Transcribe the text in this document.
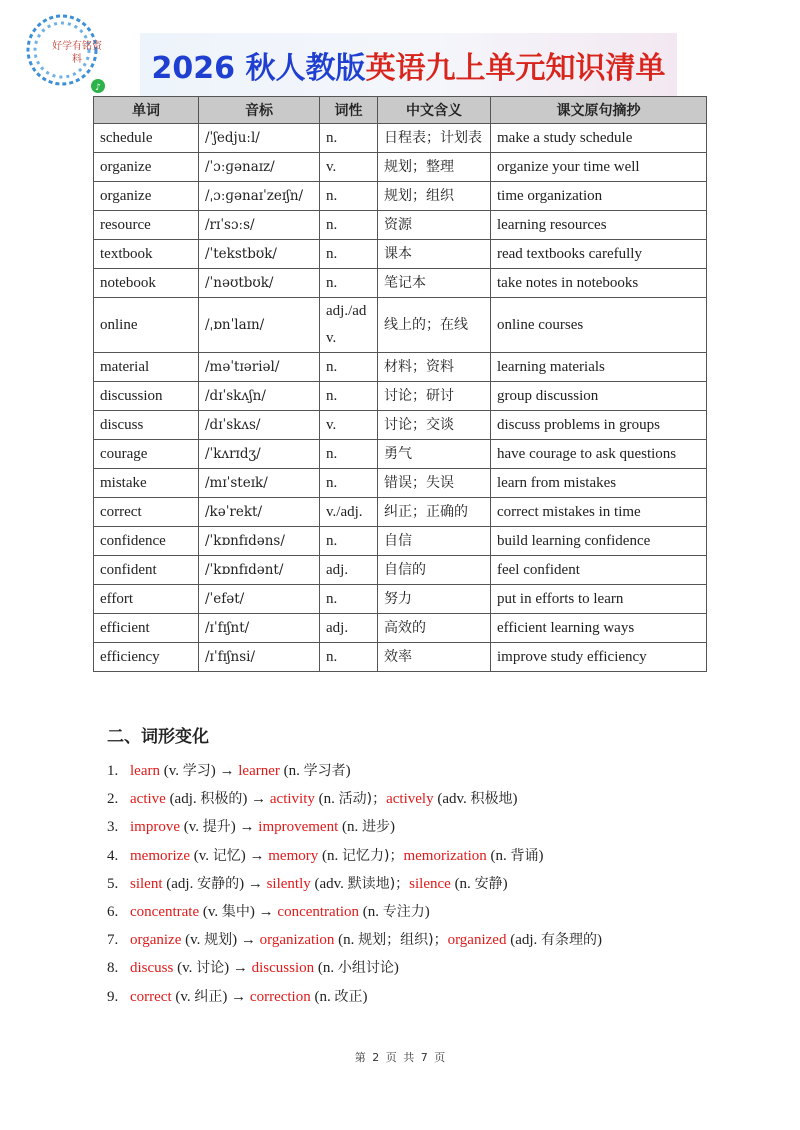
♪
好学有铭资料	2026 秋人教版英语九上单元知识清单
单词	音标	词性	中文含义	课文原句摘抄
schedule	/ˈʃedjuːl/	n.	日程表；计划表	make a study schedule
organize	/ˈɔːɡənaɪz/	v.	规划；整理	organize your time well
organize	/ˌɔːɡənaɪˈzeɪʃn/	n.	规划；组织	time organization
resource	/rɪˈsɔːs/	n.	资源	learning resources
textbook	/ˈtekstbʊk/	n.	课本	read textbooks carefully
notebook	/ˈnəʊtbʊk/	n.	笔记本	take notes in notebooks
online	/ˌɒnˈlaɪn/	adj./adv.	线上的；在线	online courses
material	/məˈtɪəriəl/	n.	材料；资料	learning materials
discussion	/dɪˈskʌʃn/	n.	讨论；研讨	group discussion
discuss	/dɪˈskʌs/	v.	讨论；交谈	discuss problems in groups
courage	/ˈkʌrɪdʒ/	n.	勇气	have courage to ask questions
mistake	/mɪˈsteɪk/	n.	错误；失误	learn from mistakes
correct	/kəˈrekt/	v./adj.	纠正；正确的	correct mistakes in time
confidence	/ˈkɒnfɪdəns/	n.	自信	build learning confidence
confident	/ˈkɒnfɪdənt/	adj.	自信的	feel confident
effort	/ˈefət/	n.	努力	put in efforts to learn
efficient	/ɪˈfɪʃnt/	adj.	高效的	efficient learning ways
efficiency	/ɪˈfɪʃnsi/	n.	效率	improve study efficiency
二、词形变化
1. learn (v. 学习) → learner (n. 学习者)
2. active (adj. 积极的) → activity (n. 活动)；actively (adv. 积极地)
3. improve (v. 提升) → improvement (n. 进步)
4. memorize (v. 记忆) → memory (n. 记忆力)；memorization (n. 背诵)
5. silent (adj. 安静的) → silently (adv. 默读地)；silence (n. 安静)
6. concentrate (v. 集中) → concentration (n. 专注力)
7. organize (v. 规划) → organization (n. 规划；组织)；organized (adj. 有条理的)
8. discuss (v. 讨论) → discussion (n. 小组讨论)
9. correct (v. 纠正) → correction (n. 改正)
第 2 页 共 7 页
